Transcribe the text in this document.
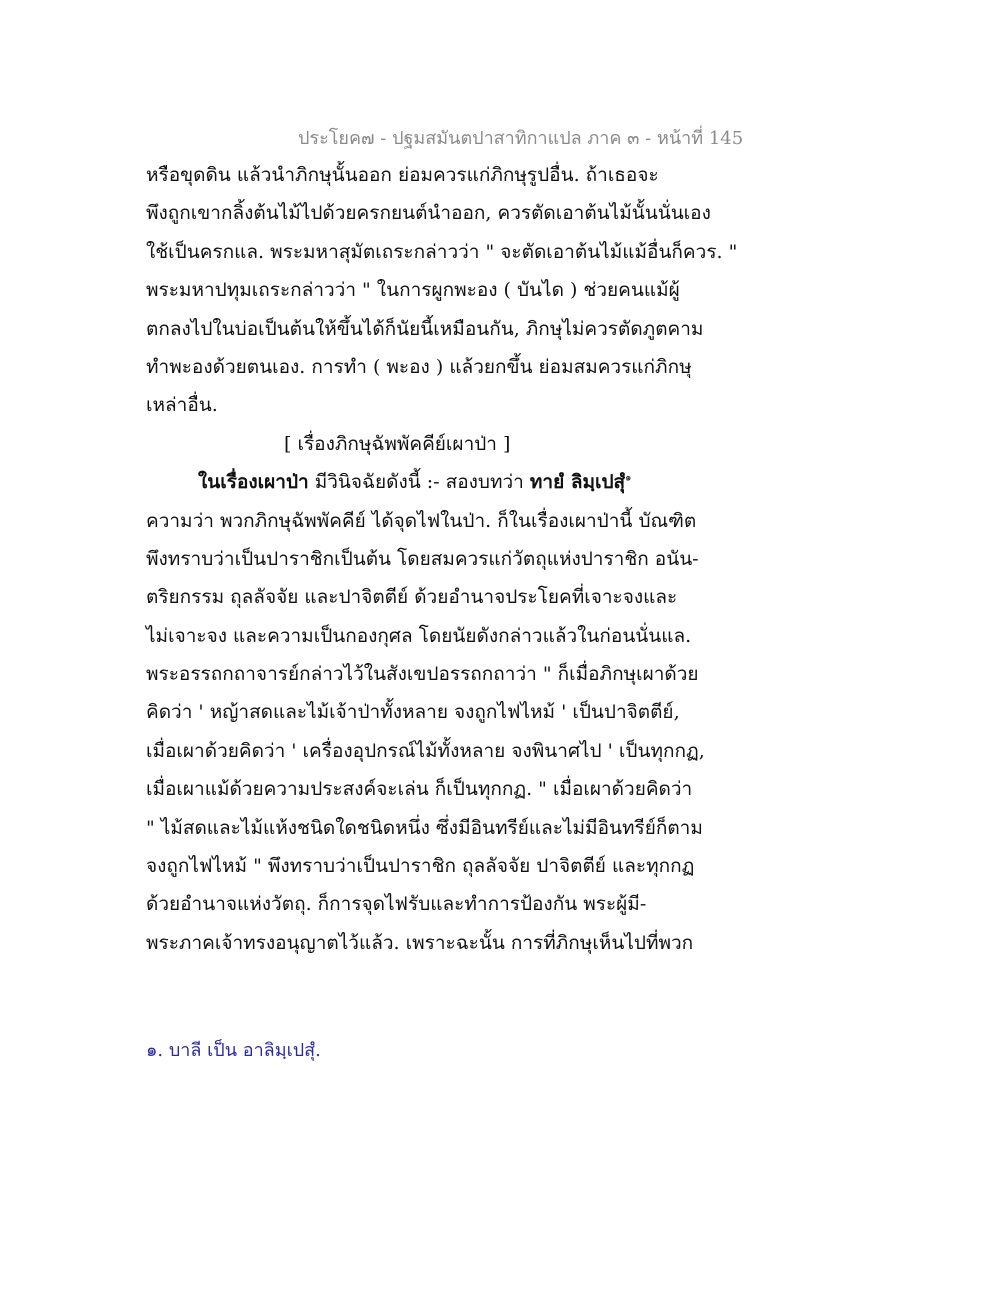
ประโยค๗ - ปฐมสมันตปาสาทิกาแปล ภาค ๓ - หน้าที่ 145
หรือขุดดิน แล้วนำภิกษุนั้นออก ย่อมควรแก่ภิกษุรูปอื่น. ถ้าเธอจะ
พึงถูกเขากลิ้งต้นไม้ไปด้วยครกยนต์นำออก, ควรตัดเอาต้นไม้นั้นนั่นเอง
ใช้เป็นครกแล. พระมหาสุมัตเถระกล่าวว่า " จะตัดเอาต้นไม้แม้อื่นก็ควร. "
พระมหาปทุมเถระกล่าวว่า " ในการผูกพะอง ( บันได ) ช่วยคนแม้ผู้
ตกลงไปในบ่อเป็นต้นให้ขึ้นได้ก็นัยนี้เหมือนกัน, ภิกษุไม่ควรตัดภูตคาม
ทำพะองด้วยตนเอง. การทำ ( พะอง ) แล้วยกขึ้น ย่อมสมควรแก่ภิกษุ
เหล่าอื่น.
[ เรื่องภิกษุฉัพพัคคีย์เผาป่า ]
ในเรื่องเผาป่า มีวินิจฉัยดังนี้ :- สองบทว่า ทายํ ลิมฺเปสุํ$^๑$
ความว่า พวกภิกษุฉัพพัคคีย์ ได้จุดไฟในป่า. ก็ในเรื่องเผาป่านี้ บัณฑิต
พึงทราบว่าเป็นปาราชิกเป็นต้น โดยสมควรแก่วัตถุแห่งปาราชิก อนัน-
ตริยกรรม ถุลลัจจัย และปาจิตตีย์ ด้วยอำนาจประโยคที่เจาะจงและ
ไม่เจาะจง และความเป็นกองกุศล โดยนัยดังกล่าวแล้วในก่อนนั่นแล.
พระอรรถกถาจารย์กล่าวไว้ในสังเขปอรรถกถาว่า " ก็เมื่อภิกษุเผาด้วย
คิดว่า ' หญ้าสดและไม้เจ้าป่าทั้งหลาย จงถูกไฟไหม้ ' เป็นปาจิตตีย์,
เมื่อเผาด้วยคิดว่า ' เครื่องอุปกรณ์ไม้ทั้งหลาย จงพินาศไป ' เป็นทุกกฏ,
เมื่อเผาแม้ด้วยความประสงค์จะเล่น ก็เป็นทุกกฏ. " เมื่อเผาด้วยคิดว่า
" ไม้สดและไม้แห้งชนิดใดชนิดหนึ่ง ซึ่งมีอินทรีย์และไม่มีอินทรีย์ก็ตาม
จงถูกไฟไหม้ " พึงทราบว่าเป็นปาราชิก ถุลลัจจัย ปาจิตตีย์ และทุกกฏ
ด้วยอำนาจแห่งวัตถุ. ก็การจุดไฟรับและทำการป้องกัน พระผู้มี-
พระภาคเจ้าทรงอนุญาตไว้แล้ว. เพราะฉะนั้น การที่ภิกษุเห็นไปที่พวก
๑. บาลี เป็น อาลิมฺเปสุํ.
